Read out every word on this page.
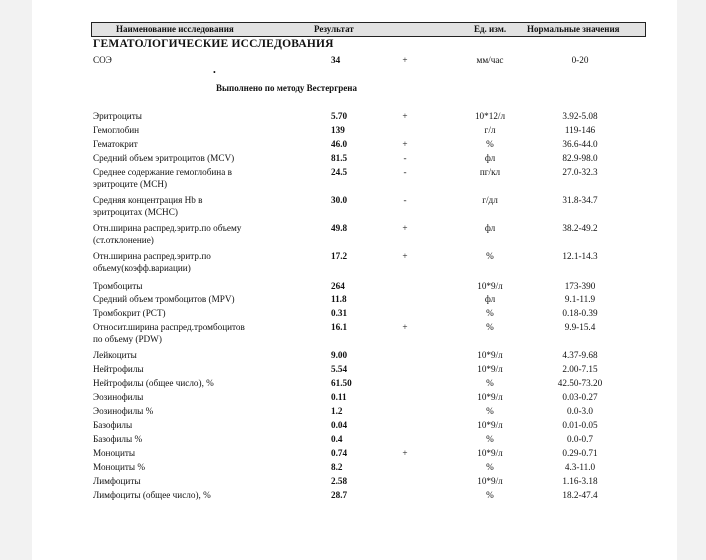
Наименование исследования	Результат	Ед. изм. Нормальные значения
ГЕМАТОЛОГИЧЕСКИЕ ИССЛЕДОВАНИЯ
•
Выполнено по методу Вестергрена
СОЭ	34	+	мм/час	0-20
Эритроциты	5.70	+	10*12/л	3.92-5.08
Гемоглобин	139	г/л	119-146
Гематокрит	46.0	+	%	36.6-44.0
Средний объем эритроцитов (MCV)	81.5	-	фл	82.9-98.0
Среднее содержание гемоглобина в
эритроците (MCH)
24.5	-	пг/кл	27.0-32.3
Средняя концентрация Hb в
эритроцитах (MCHC)
30.0	-	г/дл	31.8-34.7
Отн.ширина распред.эритр.по объему
(ст.отклонение)
49.8	+	фл	38.2-49.2
Отн.ширина распред.эритр.по
объему(коэфф.вариации)
17.2	+	%	12.1-14.3
Тромбоциты	264	10*9/л	173-390
Средний объем тромбоцитов (MPV)	11.8	фл	9.1-11.9
Тромбокрит (PCT)	0.31	%	0.18-0.39
Относит.ширина распред.тромбоцитов
по объему (PDW)
16.1	+	%	9.9-15.4
Лейкоциты	9.00	10*9/л	4.37-9.68
Нейтрофилы	5.54	10*9/л	2.00-7.15
Нейтрофилы (общее число), %	61.50	%	42.50-73.20
Эозинофилы	0.11	10*9/л	0.03-0.27
Эозинофилы %	1.2	%	0.0-3.0
Базофилы	0.04	10*9/л	0.01-0.05
Базофилы %	0.4	%	0.0-0.7
Моноциты	0.74	+	10*9/л	0.29-0.71
Моноциты %	8.2	%	4.3-11.0
Лимфоциты	2.58	10*9/л	1.16-3.18
Лимфоциты (общее число), %	28.7	%	18.2-47.4
